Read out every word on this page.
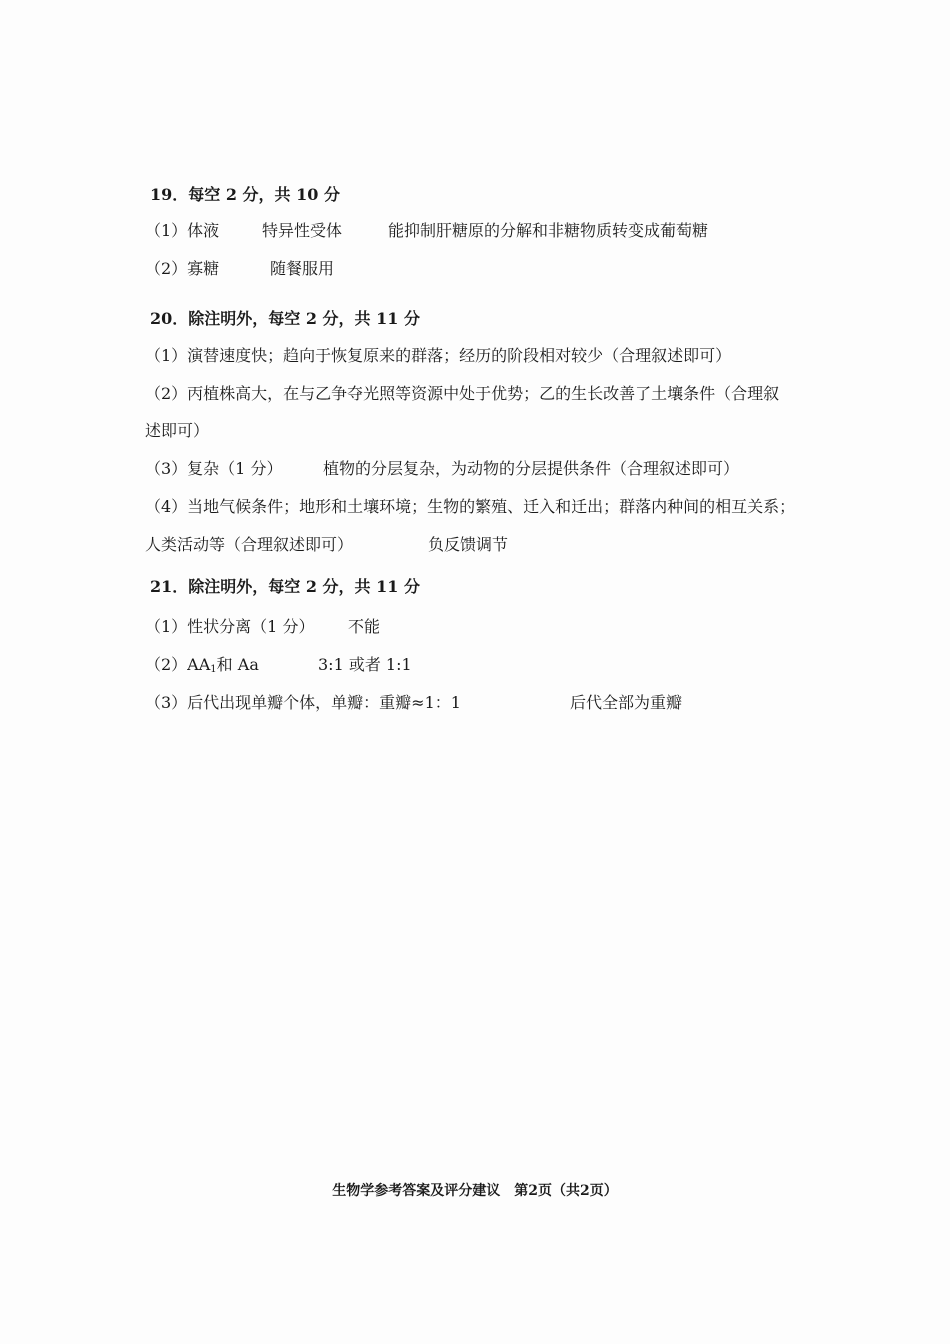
19．每空 2 分，共 10 分
（1）体液	特异性受体	能抑制肝糖原的分解和非糖物质转变成葡萄糖
（2）寡糖	随餐服用
20．除注明外，每空 2 分，共 11 分
（1）演替速度快；趋向于恢复原来的群落；经历的阶段相对较少（合理叙述即可）
（2）丙植株高大，在与乙争夺光照等资源中处于优势；乙的生长改善了土壤条件（合理叙
述即可）
（3）复杂（1 分）	植物的分层复杂，为动物的分层提供条件（合理叙述即可）
（4）当地气候条件；地形和土壤环境；生物的繁殖、迁入和迁出；群落内种间的相互关系；
人类活动等（合理叙述即可）	负反馈调节
21．除注明外，每空 2 分，共 11 分
（1）性状分离（1 分） 不能
$(2)AA_1$和 Aa	3:1 或者 1:1
（3）后代出现单瓣个体，单瓣：重瓣≈1：1	后代全部为重瓣
生物学参考答案及评分建议　第2页（共2页）
